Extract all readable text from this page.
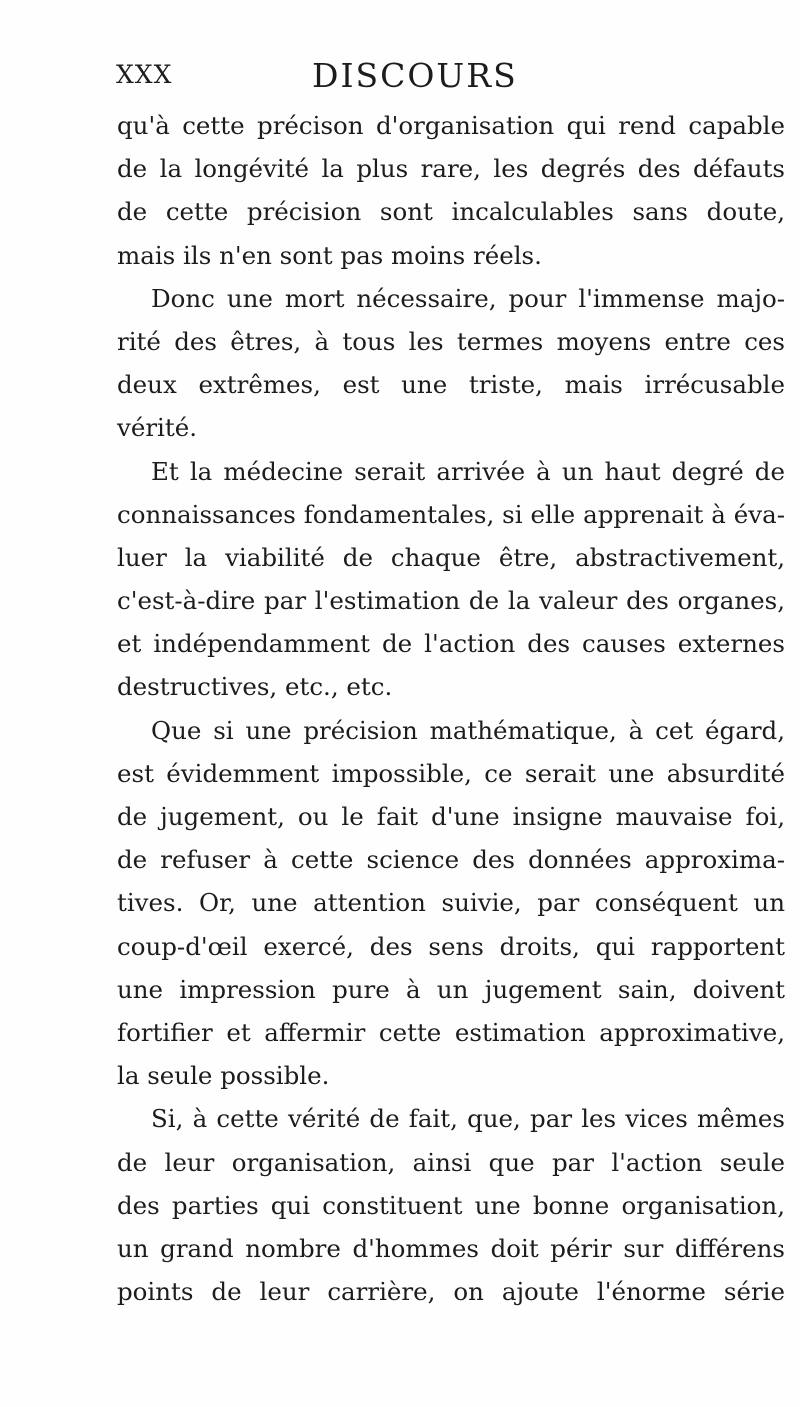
XXX	DISCOURS
qu'à cette précison d'organisation qui rend capable
de la longévité la plus rare, les degrés des défauts
de cette précision sont incalculables sans doute,
mais ils n'en sont pas moins réels.
Donc une mort nécessaire, pour l'immense majo-
rité des êtres, à tous les termes moyens entre ces
deux extrêmes, est une triste, mais irrécusable
vérité.
Et la médecine serait arrivée à un haut degré de
connaissances fondamentales, si elle apprenait à éva-
luer la viabilité de chaque être, abstractivement,
c'est-à-dire par l'estimation de la valeur des organes,
et indépendamment de l'action des causes externes
destructives, etc., etc.
Que si une précision mathématique, à cet égard,
est évidemment impossible, ce serait une absurdité
de jugement, ou le fait d'une insigne mauvaise foi,
de refuser à cette science des données approxima-
tives. Or, une attention suivie, par conséquent un
coup-d'œil exercé, des sens droits, qui rapportent
une impression pure à un jugement sain, doivent
fortifier et affermir cette estimation approximative,
la seule possible.
Si, à cette vérité de fait, que, par les vices mêmes
de leur organisation, ainsi que par l'action seule
des parties qui constituent une bonne organisation,
un grand nombre d'hommes doit périr sur différens
points de leur carrière, on ajoute l'énorme série
